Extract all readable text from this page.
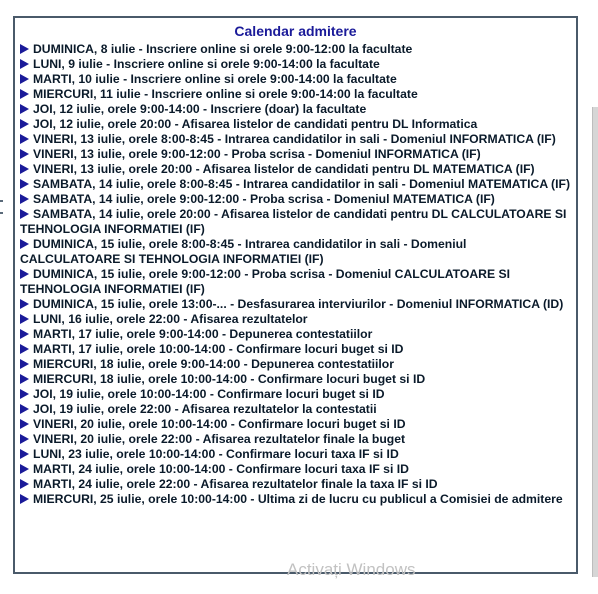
Calendar admitere
DUMINICA, 8 iulie - Inscriere online si orele 9:00-12:00 la facultate
LUNI, 9 iulie - Inscriere online si orele 9:00-14:00 la facultate
MARTI, 10 iulie - Inscriere online si orele 9:00-14:00 la facultate
MIERCURI, 11 iulie - Inscriere online si orele 9:00-14:00 la facultate
JOI, 12 iulie, orele 9:00-14:00 - Inscriere (doar) la facultate
JOI, 12 iulie, orele 20:00 - Afisarea listelor de candidati pentru DL Informatica
VINERI, 13 iulie, orele 8:00-8:45 - Intrarea candidatilor in sali - Domeniul INFORMATICA (IF)
VINERI, 13 iulie, orele 9:00-12:00 - Proba scrisa - Domeniul INFORMATICA (IF)
VINERI, 13 iulie, orele 20:00 - Afisarea listelor de candidati pentru DL MATEMATICA (IF)
SAMBATA, 14 iulie, orele 8:00-8:45 - Intrarea candidatilor in sali - Domeniul MATEMATICA (IF)
SAMBATA, 14 iulie, orele 9:00-12:00 - Proba scrisa - Domeniul MATEMATICA (IF)
SAMBATA, 14 iulie, orele 20:00 - Afisarea listelor de candidati pentru DL CALCULATOARE SI TEHNOLOGIA INFORMATIEI (IF)
DUMINICA, 15 iulie, orele 8:00-8:45 - Intrarea candidatilor in sali - Domeniul CALCULATOARE SI TEHNOLOGIA INFORMATIEI (IF)
DUMINICA, 15 iulie, orele 9:00-12:00 - Proba scrisa - Domeniul CALCULATOARE SI TEHNOLOGIA INFORMATIEI (IF)
DUMINICA, 15 iulie, orele 13:00-... - Desfasurarea interviurilor - Domeniul INFORMATICA (ID)
LUNI, 16 iulie, orele 22:00 - Afisarea rezultatelor
MARTI, 17 iulie, orele 9:00-14:00 - Depunerea contestatiilor
MARTI, 17 iulie, orele 10:00-14:00 - Confirmare locuri buget si ID
MIERCURI, 18 iulie, orele 9:00-14:00 - Depunerea contestatiilor
MIERCURI, 18 iulie, orele 10:00-14:00 - Confirmare locuri buget si ID
JOI, 19 iulie, orele 10:00-14:00 - Confirmare locuri buget si ID
JOI, 19 iulie, orele 22:00 - Afisarea rezultatelor la contestatii
VINERI, 20 iulie, orele 10:00-14:00 - Confirmare locuri buget si ID
VINERI, 20 iulie, orele 22:00 - Afisarea rezultatelor finale la buget
LUNI, 23 iulie, orele 10:00-14:00 - Confirmare locuri taxa IF si ID
MARTI, 24 iulie, orele 10:00-14:00 - Confirmare locuri taxa IF si ID
MARTI, 24 iulie, orele 22:00 - Afisarea rezultatelor finale la taxa IF si ID
MIERCURI, 25 iulie, orele 10:00-14:00 - Ultima zi de lucru cu publicul a Comisiei de admitere
Activați Windows
